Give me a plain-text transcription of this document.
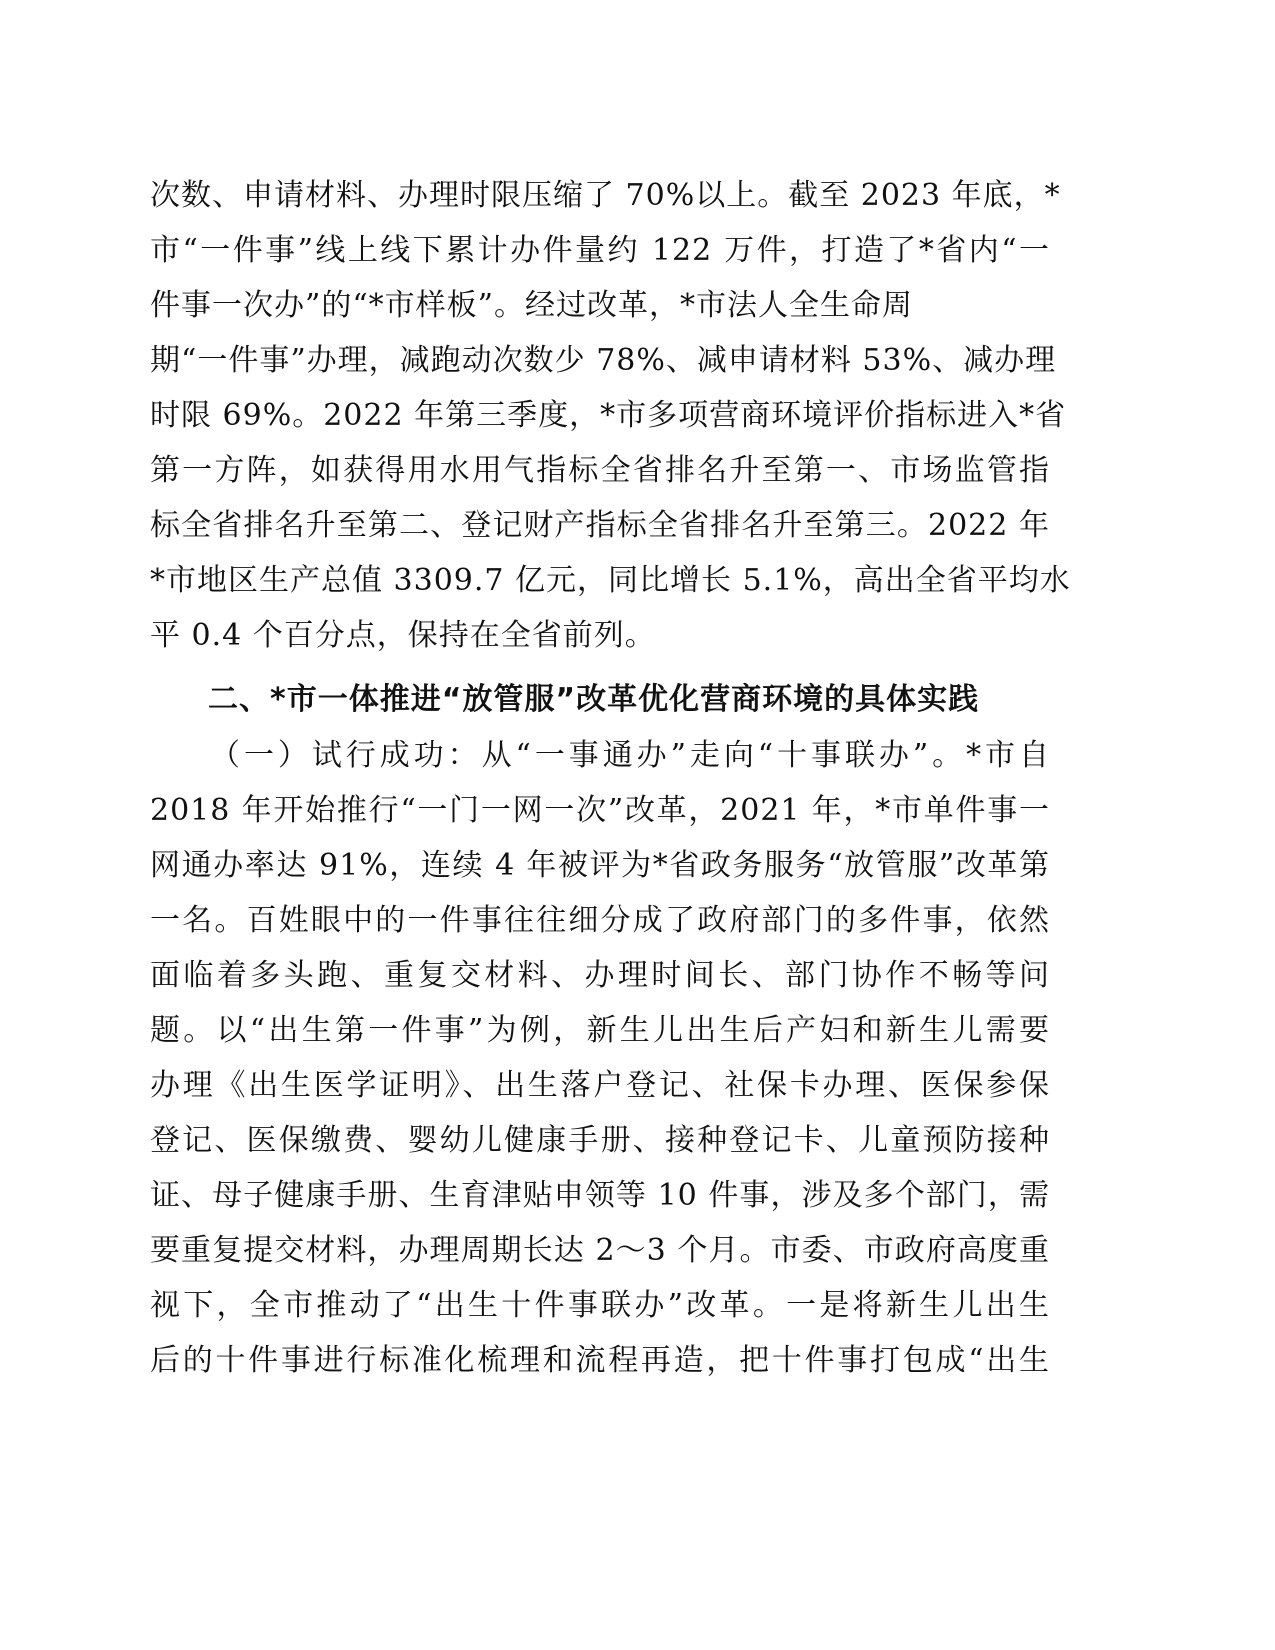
次数、申请材料、办理时限压缩了 70%以上。截至 2023 年底，*
市“一件事”线上线下累计办件量约 122 万件，打造了*省内“一
件事一次办”的“*市样板”。经过改革，*市法人全生命周
期“一件事”办理，减跑动次数少 78%、减申请材料 53%、减办理
时限 69%。2022 年第三季度，*市多项营商环境评价指标进入*省
第一方阵，如获得用水用气指标全省排名升至第一、市场监管指
标全省排名升至第二、登记财产指标全省排名升至第三。2022 年
*市地区生产总值 3309.7 亿元，同比增长 5.1%，高出全省平均水
平 0.4 个百分点，保持在全省前列。
二、*市一体推进“放管服”改革优化营商环境的具体实践
（一）试行成功：从“一事通办”走向“十事联办”。*市自
2018 年开始推行“一门一网一次”改革，2021 年，*市单件事一
网通办率达 91%，连续 4 年被评为*省政务服务“放管服”改革第
一名。百姓眼中的一件事往往细分成了政府部门的多件事，依然
面临着多头跑、重复交材料、办理时间长、部门协作不畅等问
题。以“出生第一件事”为例，新生儿出生后产妇和新生儿需要
办理《出生医学证明》、出生落户登记、社保卡办理、医保参保
登记、医保缴费、婴幼儿健康手册、接种登记卡、儿童预防接种
证、母子健康手册、生育津贴申领等 10 件事，涉及多个部门，需
要重复提交材料，办理周期长达 2～3 个月。市委、市政府高度重
视下，全市推动了“出生十件事联办”改革。一是将新生儿出生
后的十件事进行标准化梳理和流程再造，把十件事打包成“出生
